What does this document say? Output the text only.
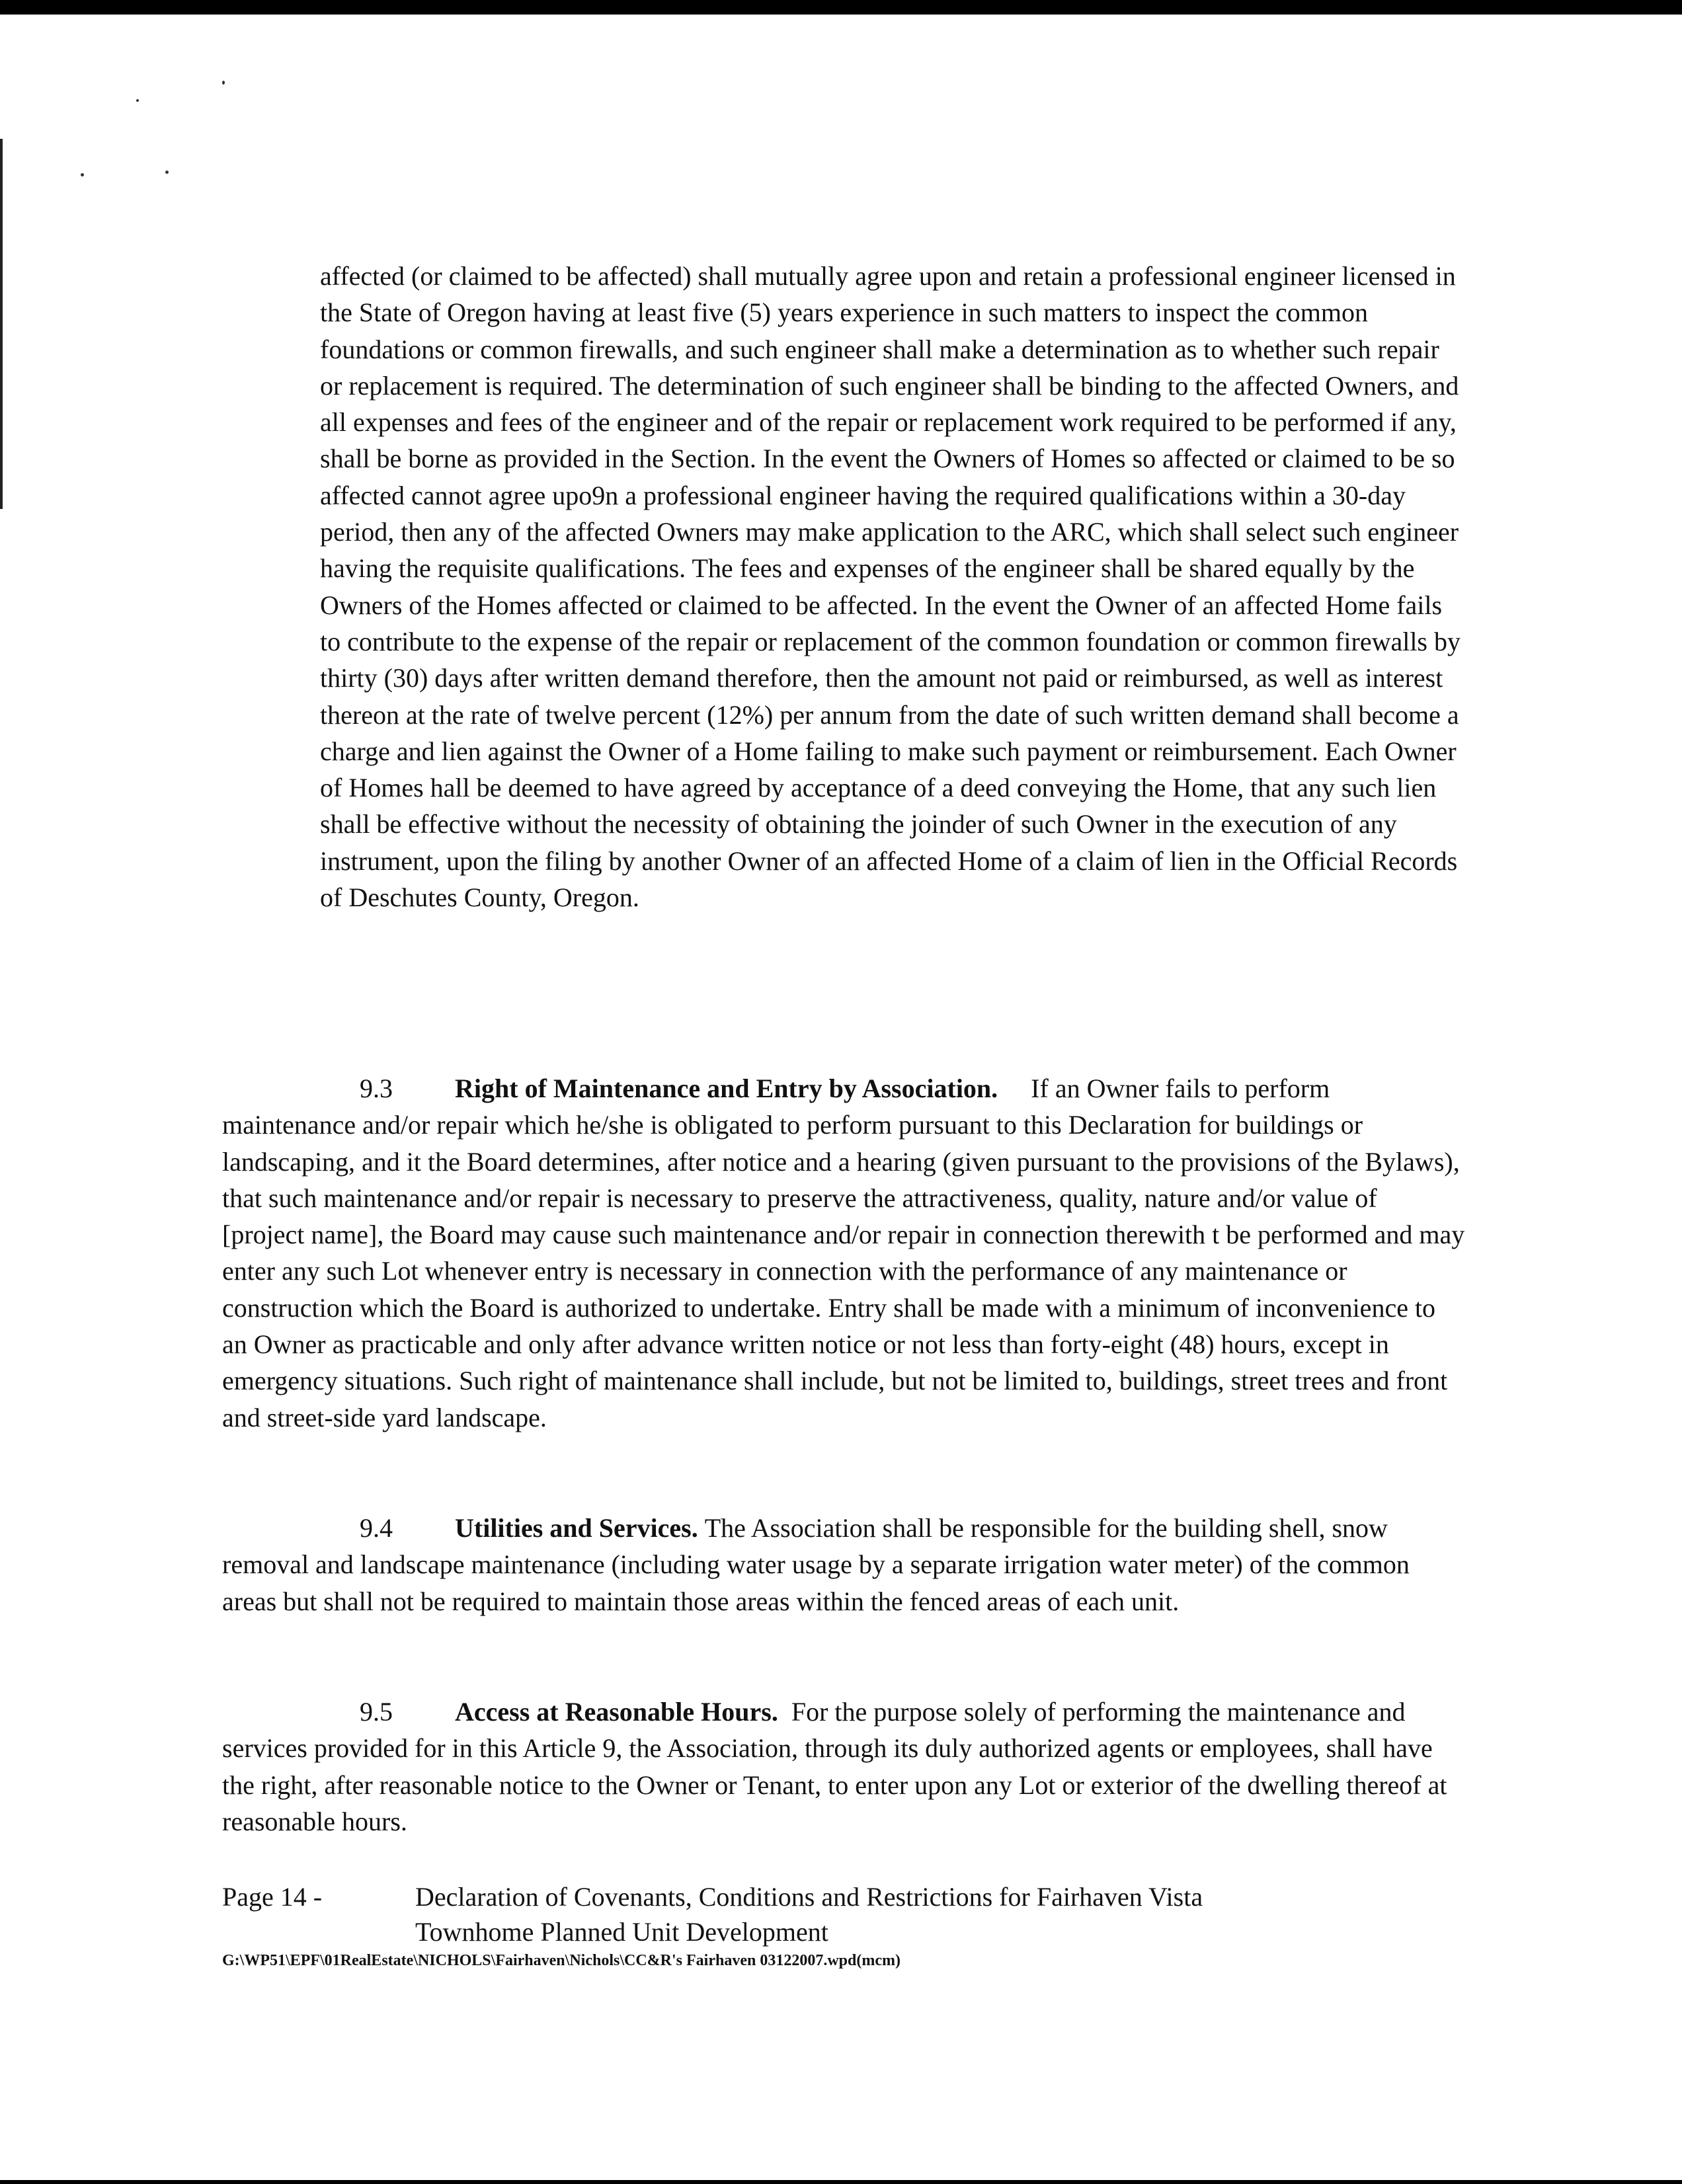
affected (or claimed to be affected) shall mutually agree upon and retain a professional engineer licensed in the State of Oregon having at least five (5) years experience in such matters to inspect the common foundations or common firewalls, and such engineer shall make a determination as to whether such repair or replacement is required. The determination of such engineer shall be binding to the affected Owners, and all expenses and fees of the engineer and of the repair or replacement work required to be performed if any, shall be borne as provided in the Section. In the event the Owners of Homes so affected or claimed to be so affected cannot agree upo9n a professional engineer having the required qualifications within a 30-day period, then any of the affected Owners may make application to the ARC, which shall select such engineer having the requisite qualifications. The fees and expenses of the engineer shall be shared equally by the Owners of the Homes affected or claimed to be affected. In the event the Owner of an affected Home fails to contribute to the expense of the repair or replacement of the common foundation or common firewalls by thirty (30) days after written demand therefore, then the amount not paid or reimbursed, as well as interest thereon at the rate of twelve percent (12%) per annum from the date of such written demand shall become a charge and lien against the Owner of a Home failing to make such payment or reimbursement. Each Owner of Homes hall be deemed to have agreed by acceptance of a deed conveying the Home, that any such lien shall be effective without the necessity of obtaining the joinder of such Owner in the execution of any instrument, upon the filing by another Owner of an affected Home of a claim of lien in the Official Records of Deschutes County, Oregon.

9.3 Right of Maintenance and Entry by Association. If an Owner fails to perform maintenance and/or repair which he/she is obligated to perform pursuant to this Declaration for buildings or landscaping, and it the Board determines, after notice and a hearing (given pursuant to the provisions of the Bylaws), that such maintenance and/or repair is necessary to preserve the attractiveness, quality, nature and/or value of [project name], the Board may cause such maintenance and/or repair in connection therewith t be performed and may enter any such Lot whenever entry is necessary in connection with the performance of any maintenance or construction which the Board is authorized to undertake. Entry shall be made with a minimum of inconvenience to an Owner as practicable and only after advance written notice or not less than forty-eight (48) hours, except in emergency situations. Such right of maintenance shall include, but not be limited to, buildings, street trees and front and street-side yard landscape.

9.4 Utilities and Services. The Association shall be responsible for the building shell, snow removal and landscape maintenance (including water usage by a separate irrigation water meter) of the common areas but shall not be required to maintain those areas within the fenced areas of each unit.

9.5 Access at Reasonable Hours. For the purpose solely of performing the maintenance and services provided for in this Article 9, the Association, through its duly authorized agents or employees, shall have the right, after reasonable notice to the Owner or Tenant, to enter upon any Lot or exterior of the dwelling thereof at reasonable hours.

Page 14 -	Declaration of Covenants, Conditions and Restrictions for Fairhaven Vista
Townhome Planned Unit Development
G:\WP51\EPF\01RealEstate\NICHOLS\Fairhaven\Nichols\CC&R's Fairhaven 03122007.wpd(mcm)
